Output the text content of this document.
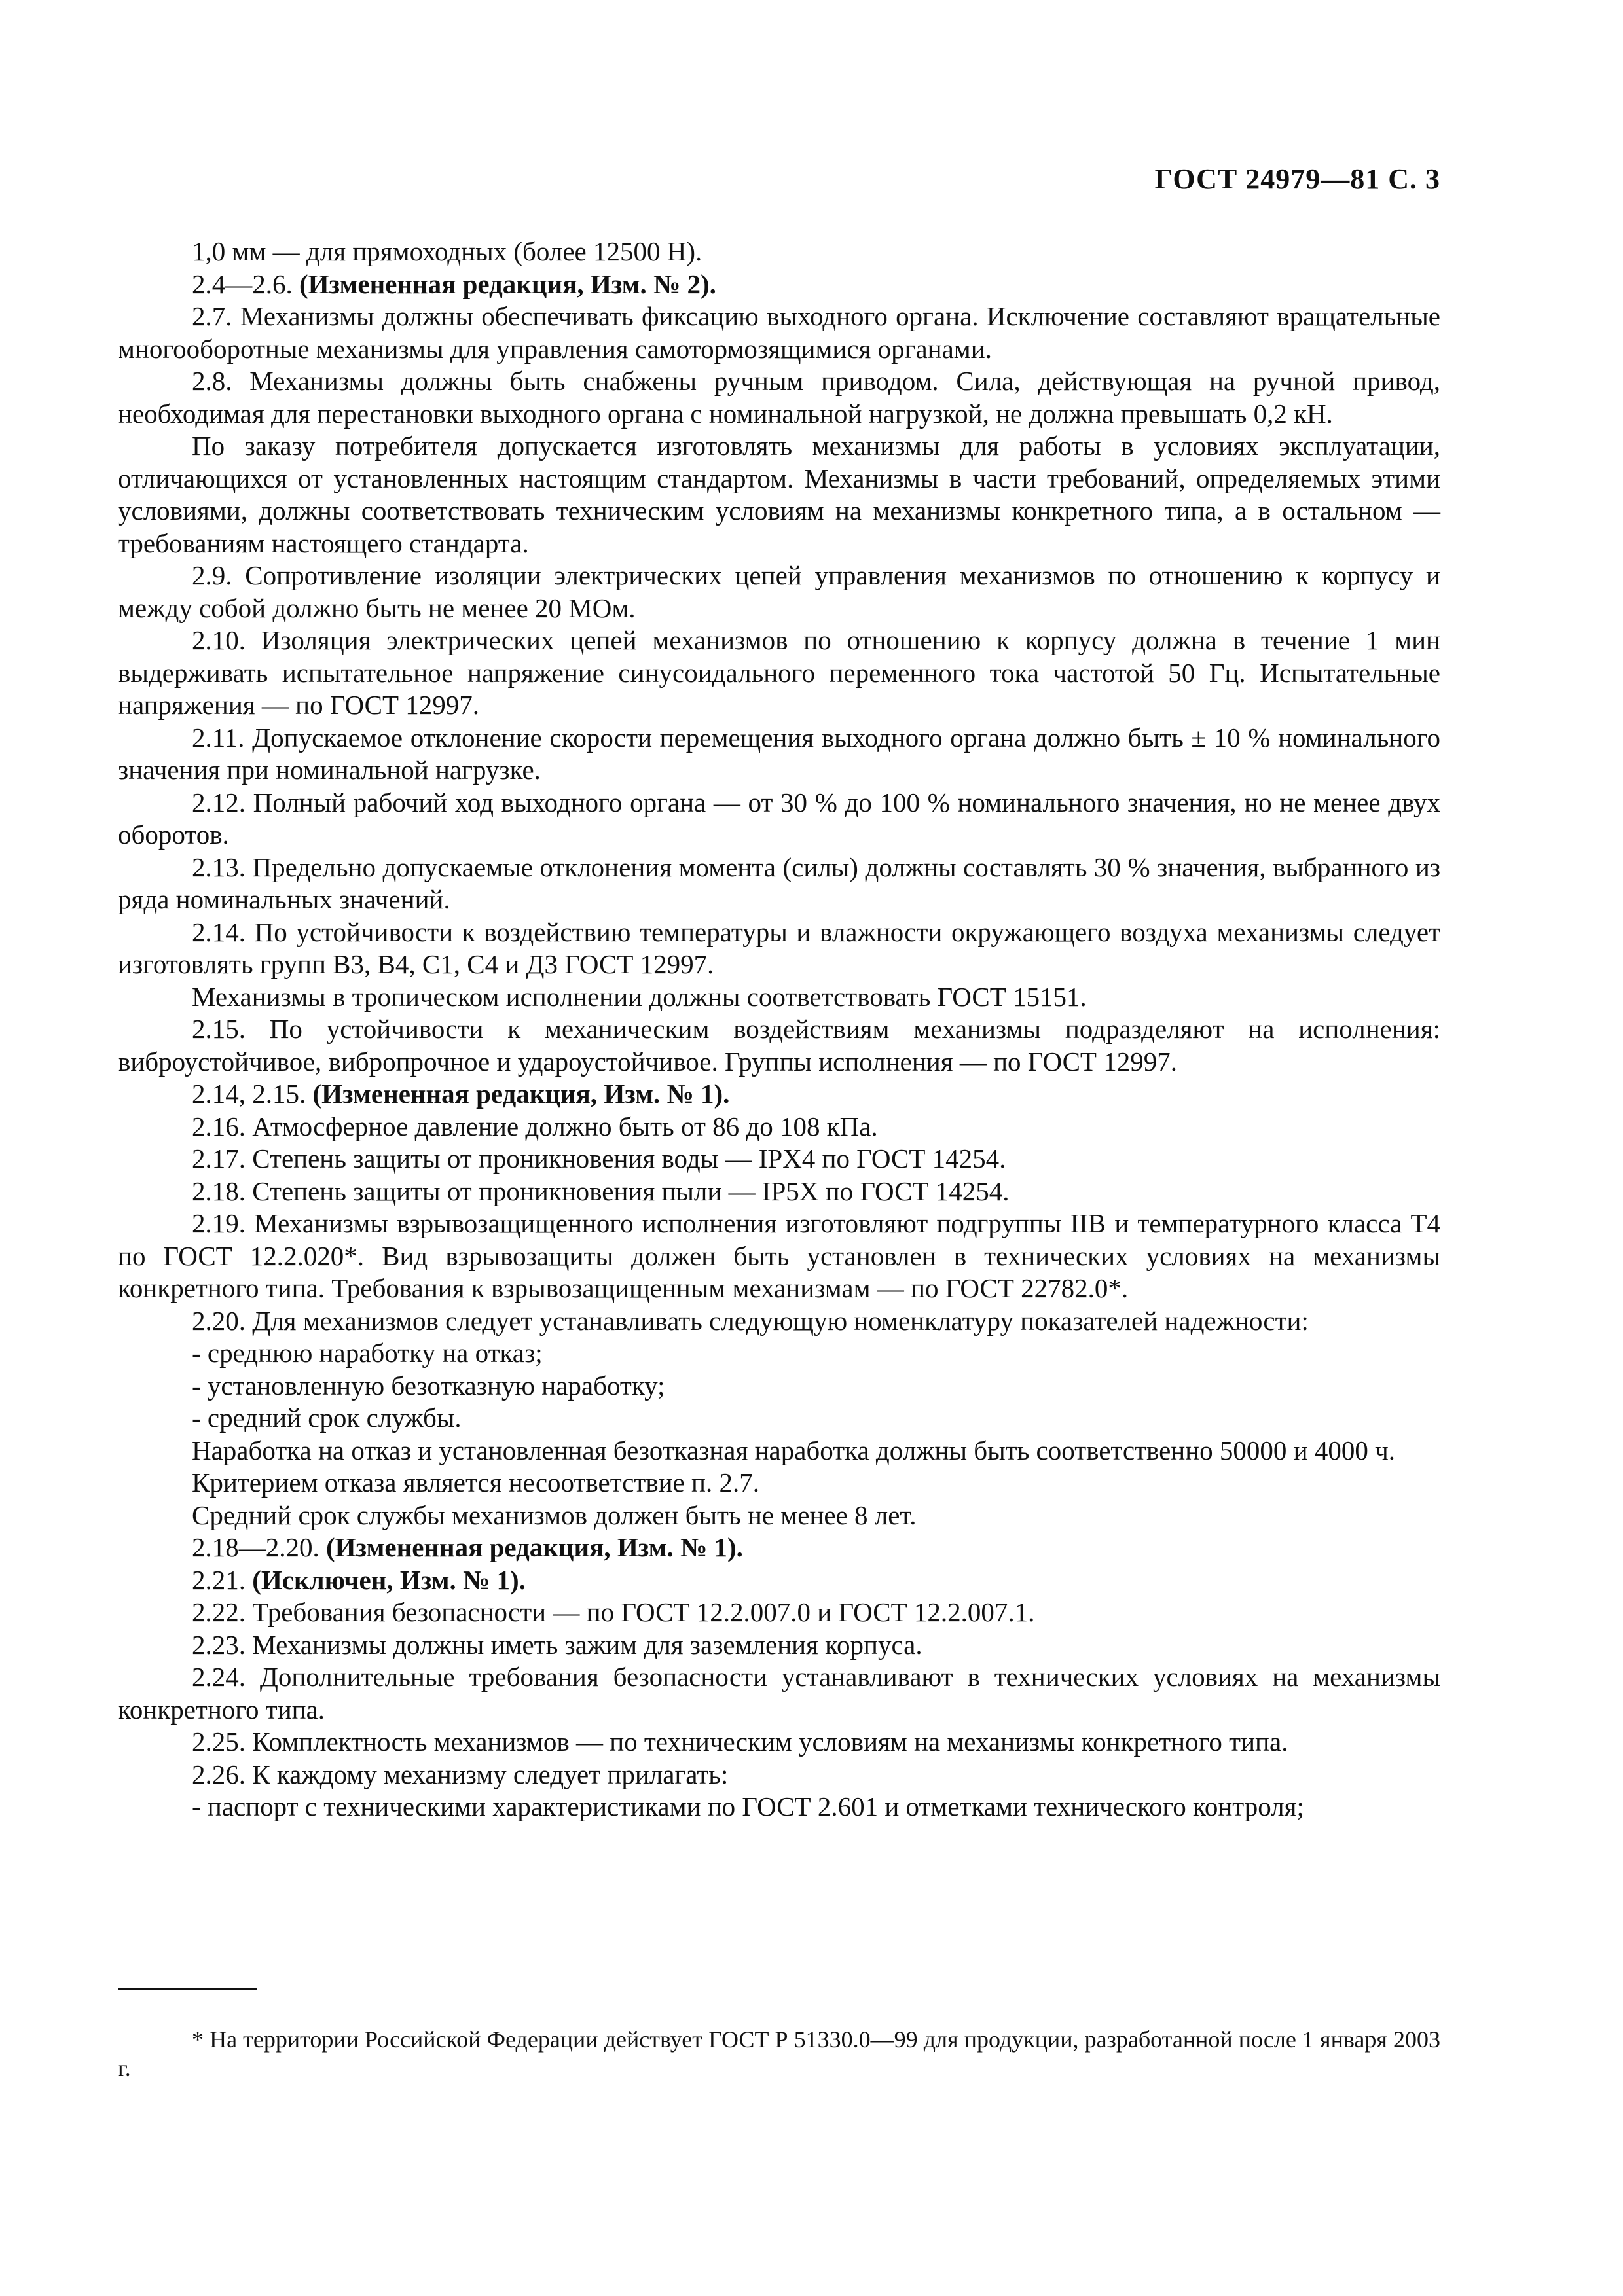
ГОСТ 24979—81 С. 3

1,0 мм — для прямоходных (более 12500 Н).

2.4—2.6. (Измененная редакция, Изм. № 2).

2.7. Механизмы должны обеспечивать фиксацию выходного органа. Исключение составляют вращательные многооборотные механизмы для управления самотормозящимися органами.

2.8. Механизмы должны быть снабжены ручным приводом. Сила, действующая на ручной привод, необходимая для перестановки выходного органа с номинальной нагрузкой, не должна превышать 0,2 кН.

По заказу потребителя допускается изготовлять механизмы для работы в условиях эксплуатации, отличающихся от установленных настоящим стандартом. Механизмы в части требований, определяемых этими условиями, должны соответствовать техническим условиям на механизмы конкретного типа, а в остальном — требованиям настоящего стандарта.

2.9. Сопротивление изоляции электрических цепей управления механизмов по отношению к корпусу и между собой должно быть не менее 20 МОм.

2.10. Изоляция электрических цепей механизмов по отношению к корпусу должна в течение 1 мин выдерживать испытательное напряжение синусоидального переменного тока частотой 50 Гц. Испытательные напряжения — по ГОСТ 12997.

2.11. Допускаемое отклонение скорости перемещения выходного органа должно быть ± 10 % номинального значения при номинальной нагрузке.

2.12. Полный рабочий ход выходного органа — от 30 % до 100 % номинального значения, но не менее двух оборотов.

2.13. Предельно допускаемые отклонения момента (силы) должны составлять 30 % значения, выбранного из ряда номинальных значений.

2.14. По устойчивости к воздействию температуры и влажности окружающего воздуха механизмы следует изготовлять групп В3, В4, С1, С4 и Д3 ГОСТ 12997.

Механизмы в тропическом исполнении должны соответствовать ГОСТ 15151.

2.15. По устойчивости к механическим воздействиям механизмы подразделяют на исполнения: виброустойчивое, вибропрочное и удароустойчивое. Группы исполнения — по ГОСТ 12997.

2.14, 2.15. (Измененная редакция, Изм. № 1).

2.16. Атмосферное давление должно быть от 86 до 108 кПа.

2.17. Степень защиты от проникновения воды — IPX4 по ГОСТ 14254.

2.18. Степень защиты от проникновения пыли — IP5X по ГОСТ 14254.

2.19. Механизмы взрывозащищенного исполнения изготовляют подгруппы IIB и температурного класса Т4 по ГОСТ 12.2.020*. Вид взрывозащиты должен быть установлен в технических условиях на механизмы конкретного типа. Требования к взрывозащищенным механизмам — по ГОСТ 22782.0*.

2.20. Для механизмов следует устанавливать следующую номенклатуру показателей надежности:

- среднюю наработку на отказ;

- установленную безотказную наработку;

- средний срок службы.

Наработка на отказ и установленная безотказная наработка должны быть соответственно 50000 и 4000 ч.

Критерием отказа является несоответствие п. 2.7.

Средний срок службы механизмов должен быть не менее 8 лет.

2.18—2.20. (Измененная редакция, Изм. № 1).

2.21. (Исключен, Изм. № 1).

2.22. Требования безопасности — по ГОСТ 12.2.007.0 и ГОСТ 12.2.007.1.

2.23. Механизмы должны иметь зажим для заземления корпуса.

2.24. Дополнительные требования безопасности устанавливают в технических условиях на механизмы конкретного типа.

2.25. Комплектность механизмов — по техническим условиям на механизмы конкретного типа.

2.26. К каждому механизму следует прилагать:

- паспорт с техническими характеристиками по ГОСТ 2.601 и отметками технического контроля;

* На территории Российской Федерации действует ГОСТ Р 51330.0—99 для продукции, разработанной после 1 января 2003 г.
